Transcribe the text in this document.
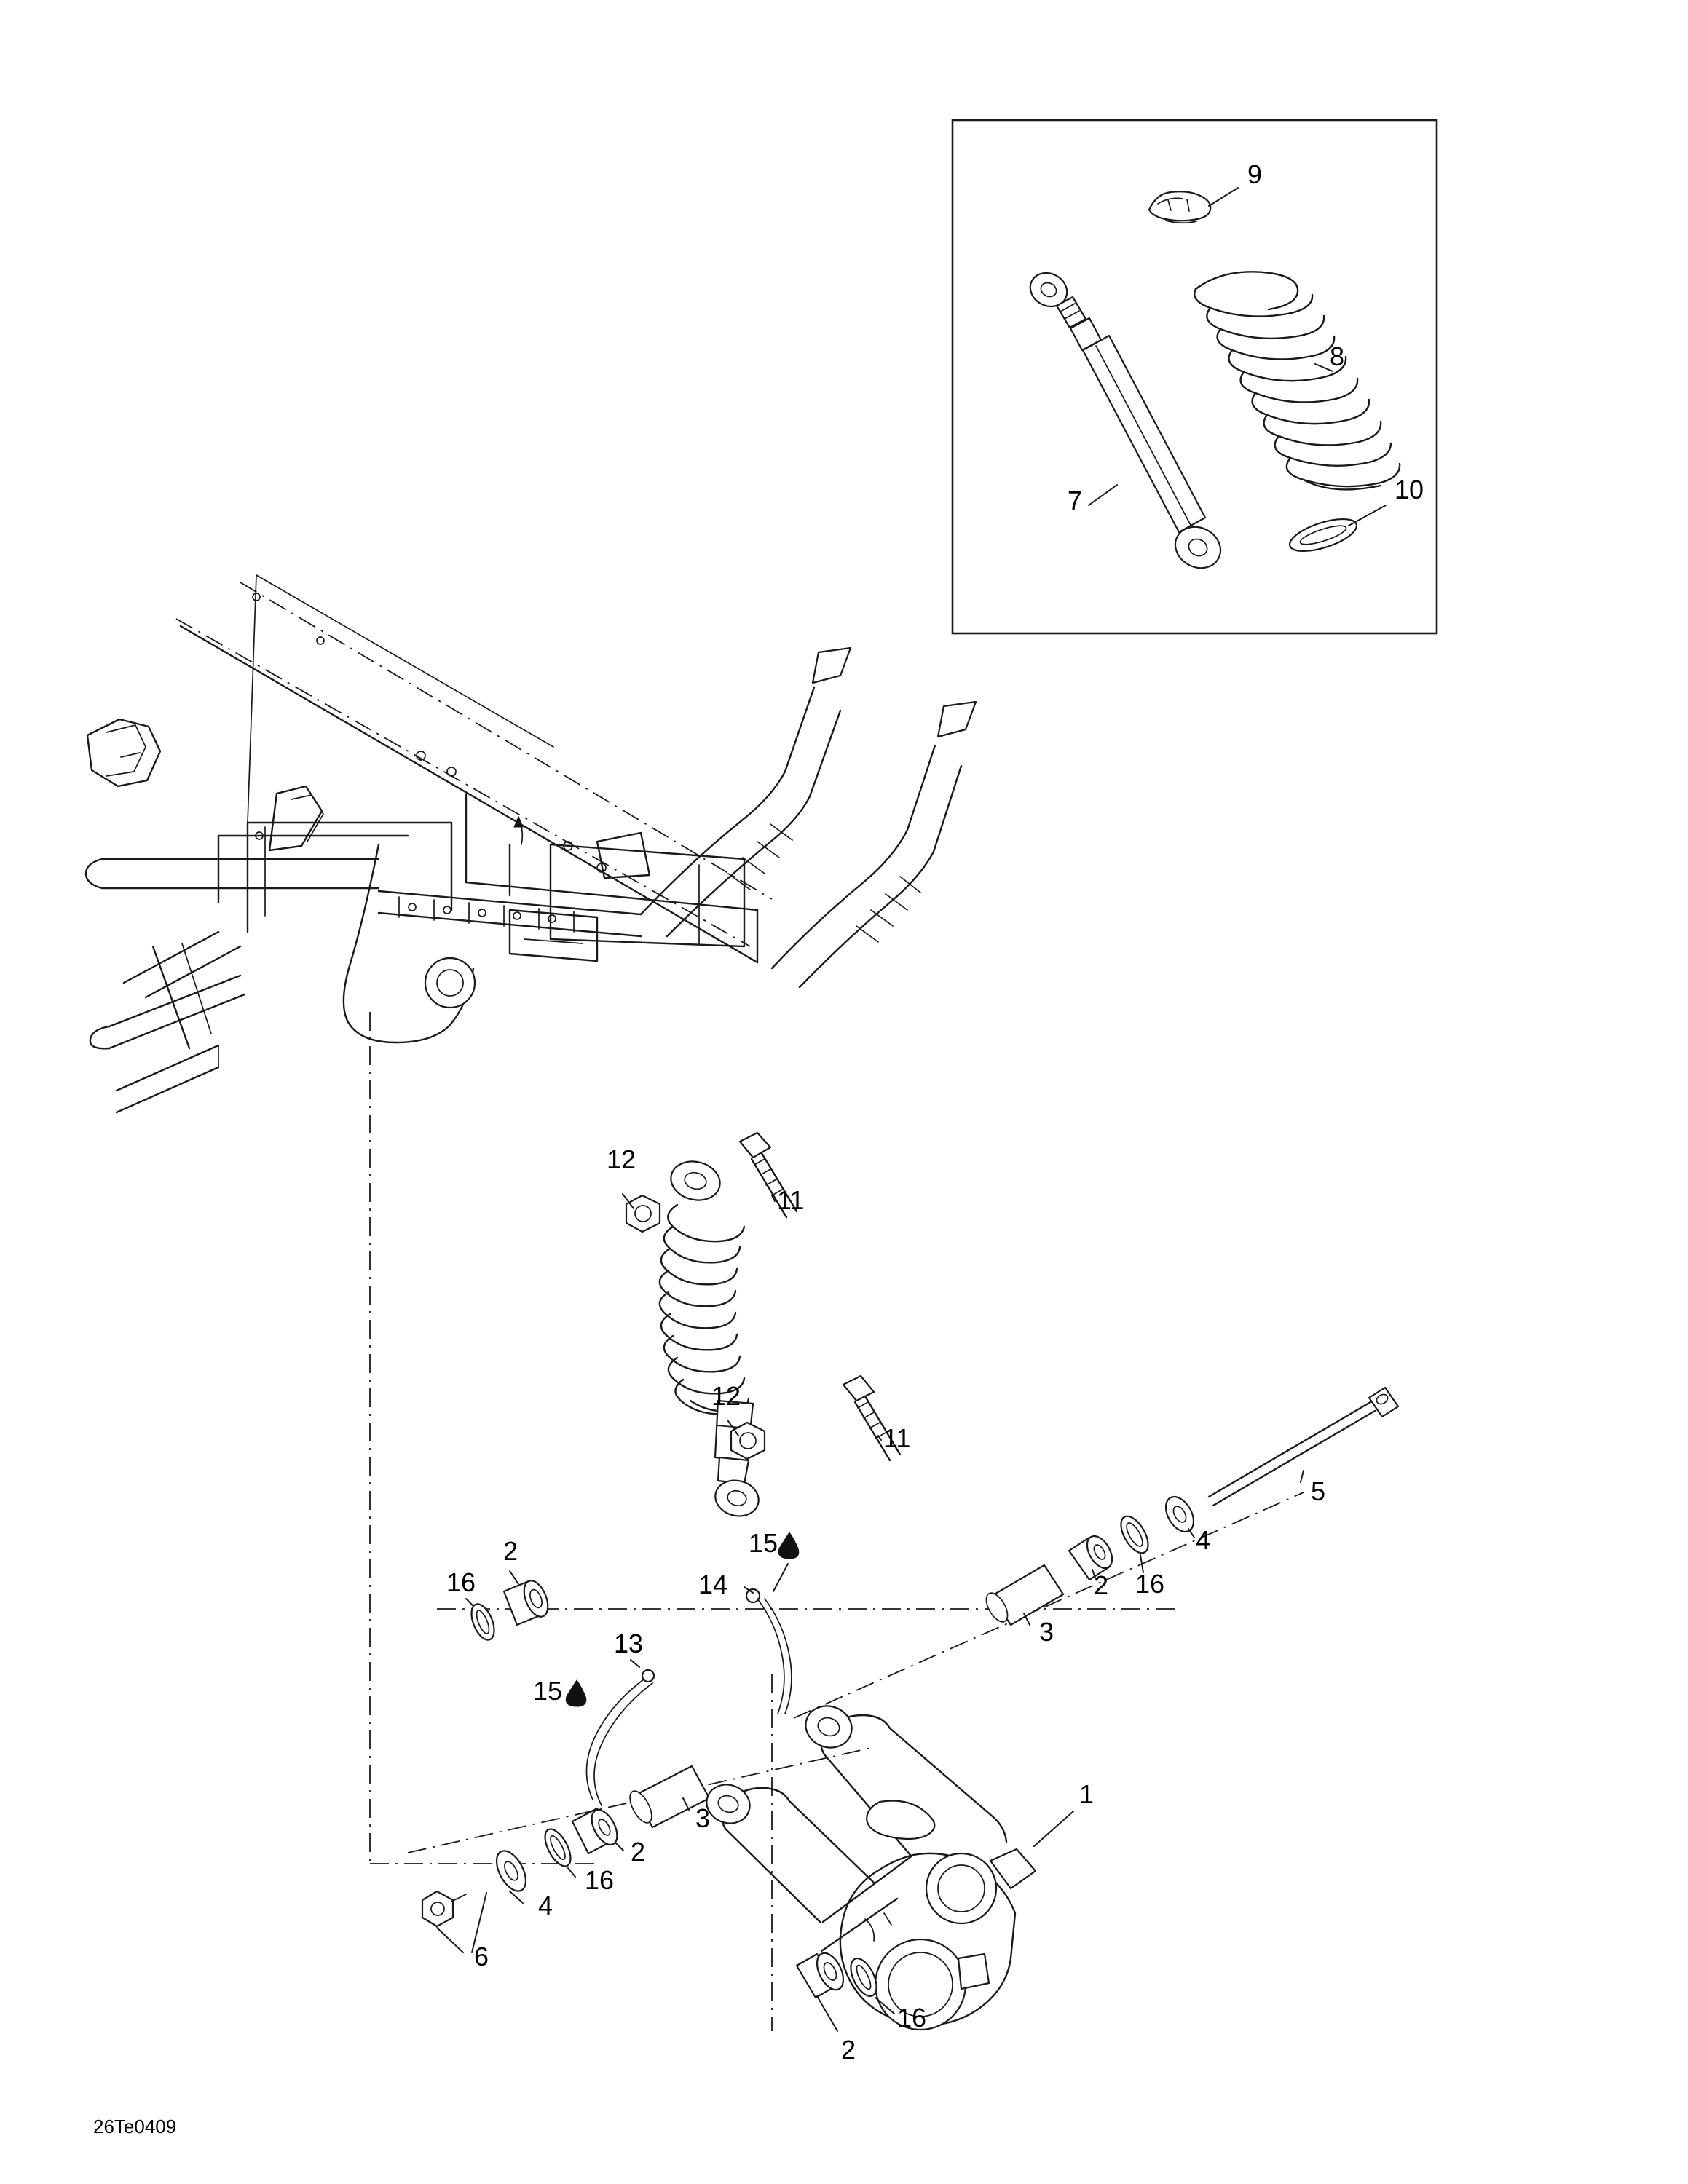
9
8
10
7
12
11
12
11
5
4
16
2
3
15
14
2
16
13
15
3
2
16
4
6
1
2
16
26Te0409
